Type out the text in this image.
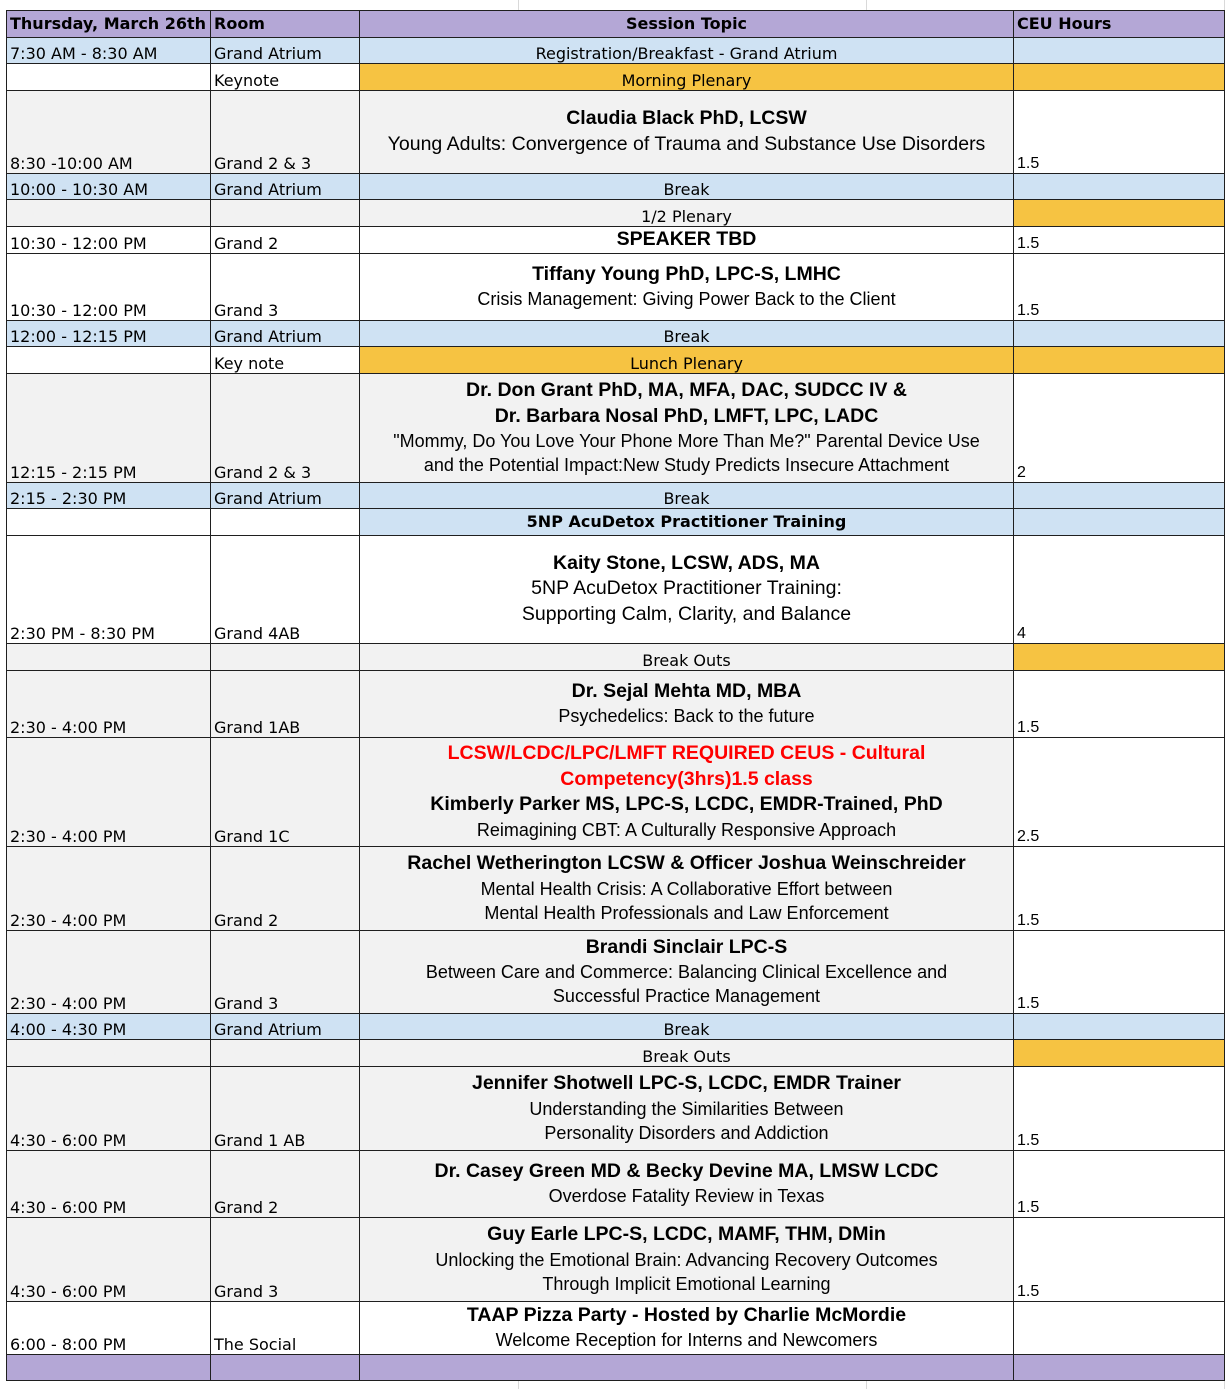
Thursday, March 26th	Room	Session Topic	CEU Hours
7:30 AM - 8:30 AM	Grand Atrium	Registration/Breakfast - Grand Atrium	
	Keynote	Morning Plenary	
8:30 -10:00 AM	Grand 2 & 3	Claudia Black PhD, LCSW
Young Adults: Convergence of Trauma and Substance Use Disorders	1.5
10:00 - 10:30 AM	Grand Atrium	Break	
		1/2 Plenary	
10:30 - 12:00 PM	Grand 2	SPEAKER TBD	1.5
10:30 - 12:00 PM	Grand 3	Tiffany Young PhD, LPC-S, LMHC
Crisis Management: Giving Power Back to the Client	1.5
12:00 - 12:15 PM	Grand Atrium	Break	
	Key note	Lunch Plenary	
12:15 - 2:15 PM	Grand 2 & 3	Dr. Don Grant PhD, MA, MFA, DAC, SUDCC IV &
Dr. Barbara Nosal PhD, LMFT, LPC, LADC
"Mommy, Do You Love Your Phone More Than Me?" Parental Device Use
and the Potential Impact:New Study Predicts Insecure Attachment	2
2:15 - 2:30 PM	Grand Atrium	Break	
		5NP AcuDetox Practitioner Training	
2:30 PM - 8:30 PM	Grand 4AB	Kaity Stone, LCSW, ADS, MA
5NP AcuDetox Practitioner Training:
Supporting Calm, Clarity, and Balance	4
		Break Outs	
2:30 - 4:00 PM	Grand 1AB	Dr. Sejal Mehta MD, MBA
Psychedelics: Back to the future	1.5
2:30 - 4:00 PM	Grand 1C	LCSW/LCDC/LPC/LMFT REQUIRED CEUS - Cultural
Competency(3hrs)1.5 class
Kimberly Parker MS, LPC-S, LCDC, EMDR-Trained, PhD
Reimagining CBT: A Culturally Responsive Approach	2.5
2:30 - 4:00 PM	Grand 2	Rachel Wetherington LCSW & Officer Joshua Weinschreider
Mental Health Crisis: A Collaborative Effort between
Mental Health Professionals and Law Enforcement	1.5
2:30 - 4:00 PM	Grand 3	Brandi Sinclair LPC-S
Between Care and Commerce: Balancing Clinical Excellence and
Successful Practice Management	1.5
4:00 - 4:30 PM	Grand Atrium	Break	
		Break Outs	
4:30 - 6:00 PM	Grand 1 AB	Jennifer Shotwell LPC-S, LCDC, EMDR Trainer
Understanding the Similarities Between
Personality Disorders and Addiction	1.5
4:30 - 6:00 PM	Grand 2	Dr. Casey Green MD & Becky Devine MA, LMSW LCDC
Overdose Fatality Review in Texas	1.5
4:30 - 6:00 PM	Grand 3	Guy Earle LPC-S, LCDC, MAMF, THM, DMin
Unlocking the Emotional Brain: Advancing Recovery Outcomes
Through Implicit Emotional Learning	1.5
6:00 - 8:00 PM	The Social	TAAP Pizza Party - Hosted by Charlie McMordie
Welcome Reception for Interns and Newcomers	
